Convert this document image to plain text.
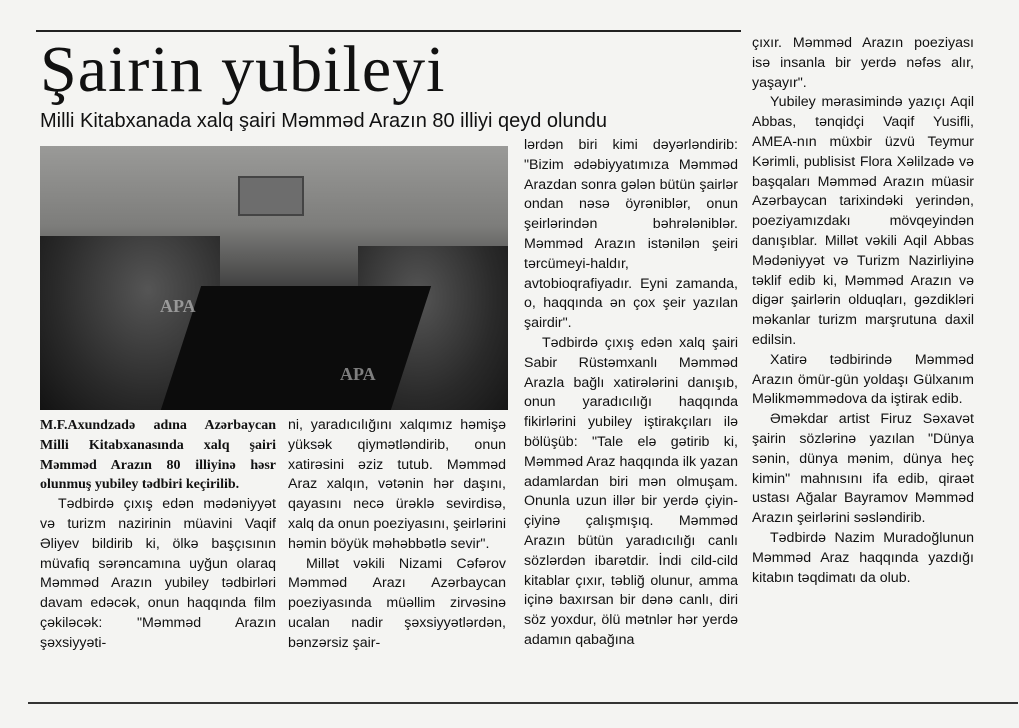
Şairin yubileyi
Milli Kitabxanada xalq şairi Məmməd Arazın 80 illiyi qeyd olundu
APA
APA

M.F.Axundzadə adına Azərbaycan Milli Kitabxanasında xalq şairi Məmməd Arazın 80 illiyinə həsr olunmuş yubiley tədbiri keçirilib.

Tədbirdə çıxış edən mədəniyyət və turizm nazirinin müavini Vaqif Əliyev bildirib ki, ölkə başçısının müvafiq sərəncamına uyğun olaraq Məmməd Arazın yubiley tədbirləri davam edəcək, onun haqqında film çəkiləcək: "Məmməd Arazın şəxsiyyəti-

ni, yaradıcılığını xalqımız həmişə yüksək qiymətləndirib, onun xatirəsini əziz tutub. Məmməd Araz xalqın, vətənin hər daşını, qayasını necə ürəklə sevirdisə, xalq da onun poeziyasını, şeirlərini həmin böyük məhəbbətlə sevir".

Millət vəkili Nizami Cəfərov Məmməd Arazı Azərbaycan poeziyasında müəllim zirvəsinə ucalan nadir şəxsiyyətlərdən, bənzərsiz şair-

lərdən biri kimi dəyərləndirib: "Bizim ədəbiyyatımıza Məmməd Arazdan sonra gələn bütün şairlər ondan nəsə öyrəniblər, onun şeirlərindən bəhrələniblər. Məmməd Arazın istənilən şeiri tərcümeyi-haldır, avtobioqrafiyadır. Eyni zamanda, o, haqqında ən çox şeir yazılan şairdir".

Tədbirdə çıxış edən xalq şairi Sabir Rüstəmxanlı Məmməd Arazla bağlı xatirələrini danışıb, onun yaradıcılığı haqqında fikirlərini yubiley iştirakçıları ilə bölüşüb: "Tale elə gətirib ki, Məmməd Araz haqqında ilk yazan adamlardan biri mən olmuşam. Onunla uzun illər bir yerdə çiyin-çiyinə çalışmışıq. Məmməd Arazın bütün yaradıcılığı canlı sözlərdən ibarətdir. İndi cild-cild kitablar çıxır, təbliğ olunur, amma içinə baxırsan bir dənə canlı, diri söz yoxdur, ölü mətnlər hər yerdə adamın qabağına

çıxır. Məmməd Arazın poeziyası isə insanla bir yerdə nəfəs alır, yaşayır".

Yubiley mərasimində yazıçı Aqil Abbas, tənqidçi Vaqif Yusifli, AMEA-nın müxbir üzvü Teymur Kərimli, publisist Flora Xəlilzadə və başqaları Məmməd Arazın müasir Azərbaycan tarixindəki yerindən, poeziyamızdakı mövqeyindən danışıblar. Millət vəkili Aqil Abbas Mədəniyyət və Turizm Nazirliyinə təklif edib ki, Məmməd Arazın və digər şairlərin olduqları, gəzdikləri məkanlar turizm marşrutuna daxil edilsin.

Xatirə tədbirində Məmməd Arazın ömür-gün yoldaşı Gülxanım Məlikməmmədova da iştirak edib.

Əməkdar artist Firuz Səxavət şairin sözlərinə yazılan "Dünya sənin, dünya mənim, dünya heç kimin" mahnısını ifa edib, qiraət ustası Ağalar Bayramov Məmməd Arazın şeirlərini səsləndirib.

Tədbirdə Nazim Muradoğlunun Məmməd Araz haqqında yazdığı kitabın təqdimatı da olub.
